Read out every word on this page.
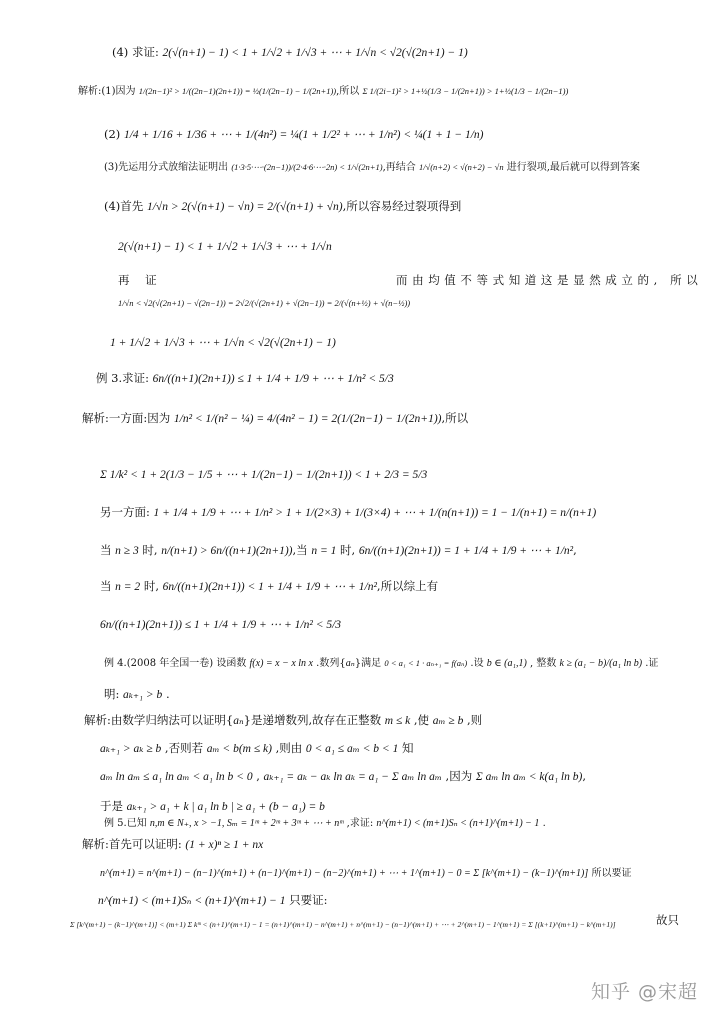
(4) 求证: 2(√(n+1) − 1) < 1 + 1/√2 + 1/√3 + ⋯ + 1/√n < √2(√(2n+1) − 1)
解析:(1)因为 1/(2n−1)² > 1/((2n−1)(2n+1)) = ½(1/(2n−1) − 1/(2n+1)),所以 Σ 1/(2i−1)² > 1+½(1/3 − 1/(2n+1)) > 1+½(1/3 − 1/(2n−1))
(2) 1/4 + 1/16 + 1/36 + ⋯ + 1/(4n²) = ¼(1 + 1/2² + ⋯ + 1/n²) < ¼(1 + 1 − 1/n)
(3)先运用分式放缩法证明出 (1·3·5·⋯·(2n−1))/(2·4·6·⋯·2n) < 1/√(2n+1),再结合 1/√(n+2) < √(n+2) − √n 进行裂项,最后就可以得到答案
(4)首先 1/√n > 2(√(n+1) − √n) = 2/(√(n+1) + √n),所以容易经过裂项得到
2(√(n+1) − 1) < 1 + 1/√2 + 1/√3 + ⋯ + 1/√n
再 证
1/√n < √2(√(2n+1) − √(2n−1)) = 2√2/(√(2n+1) + √(2n−1)) = 2/(√(n+½) + √(n−½))
而由均值不等式知道这是显然成立的, 所以
1 + 1/√2 + 1/√3 + ⋯ + 1/√n < √2(√(2n+1) − 1)
例 3.求证: 6n/((n+1)(2n+1)) ≤ 1 + 1/4 + 1/9 + ⋯ + 1/n² < 5/3
解析:一方面:因为 1/n² < 1/(n² − ¼) = 4/(4n² − 1) = 2(1/(2n−1) − 1/(2n+1)),所以
Σ 1/k² < 1 + 2(1/3 − 1/5 + ⋯ + 1/(2n−1) − 1/(2n+1)) < 1 + 2/3 = 5/3
另一方面: 1 + 1/4 + 1/9 + ⋯ + 1/n² > 1 + 1/(2×3) + 1/(3×4) + ⋯ + 1/(n(n+1)) = 1 − 1/(n+1) = n/(n+1)
当 n ≥ 3 时, n/(n+1) > 6n/((n+1)(2n+1)),当 n = 1 时, 6n/((n+1)(2n+1)) = 1 + 1/4 + 1/9 + ⋯ + 1/n²,
当 n = 2 时, 6n/((n+1)(2n+1)) < 1 + 1/4 + 1/9 + ⋯ + 1/n²,所以综上有
6n/((n+1)(2n+1)) ≤ 1 + 1/4 + 1/9 + ⋯ + 1/n² < 5/3
例 4.(2008 年全国一卷) 设函数 f(x) = x − x ln x .数列{aₙ}满足 0 < a₁ < 1 · aₙ₊₁ = f(aₙ) .设 b ∈ (a₁,1) , 整数 k ≥ (a₁ − b)/(a₁ ln b) .证
明: aₖ₊₁ > b .
解析:由数学归纳法可以证明{aₙ}是递增数列,故存在正整数 m ≤ k ,使 aₘ ≥ b ,则
aₖ₊₁ > aₖ ≥ b ,否则若 aₘ < b(m ≤ k) ,则由 0 < a₁ ≤ aₘ < b < 1 知
aₘ ln aₘ ≤ a₁ ln aₘ < a₁ ln b < 0 , aₖ₊₁ = aₖ − aₖ ln aₖ = a₁ − Σ aₘ ln aₘ ,因为 Σ aₘ ln aₘ < k(a₁ ln b),
于是 aₖ₊₁ > a₁ + k | a₁ ln b | ≥ a₁ + (b − a₁) = b
例 5.已知 n,m ∈ N₊, x > −1, Sₘ = 1ᵐ + 2ᵐ + 3ᵐ + ⋯ + nᵐ ,求证: n^(m+1) < (m+1)Sₙ < (n+1)^(m+1) − 1 .
解析:首先可以证明: (1 + x)ⁿ ≥ 1 + nx
n^(m+1) = n^(m+1) − (n−1)^(m+1) + (n−1)^(m+1) − (n−2)^(m+1) + ⋯ + 1^(m+1) − 0 = Σ [k^(m+1) − (k−1)^(m+1)] 所以要证
n^(m+1) < (m+1)Sₙ < (n+1)^(m+1) − 1 只要证:
Σ [k^(m+1) − (k−1)^(m+1)] < (m+1) Σ kᵐ < (n+1)^(m+1) − 1 = (n+1)^(m+1) − n^(m+1) + n^(m+1) − (n−1)^(m+1) + ⋯ + 2^(m+1) − 1^(m+1) = Σ [(k+1)^(m+1) − k^(m+1)]	故只
知乎 @宋超
